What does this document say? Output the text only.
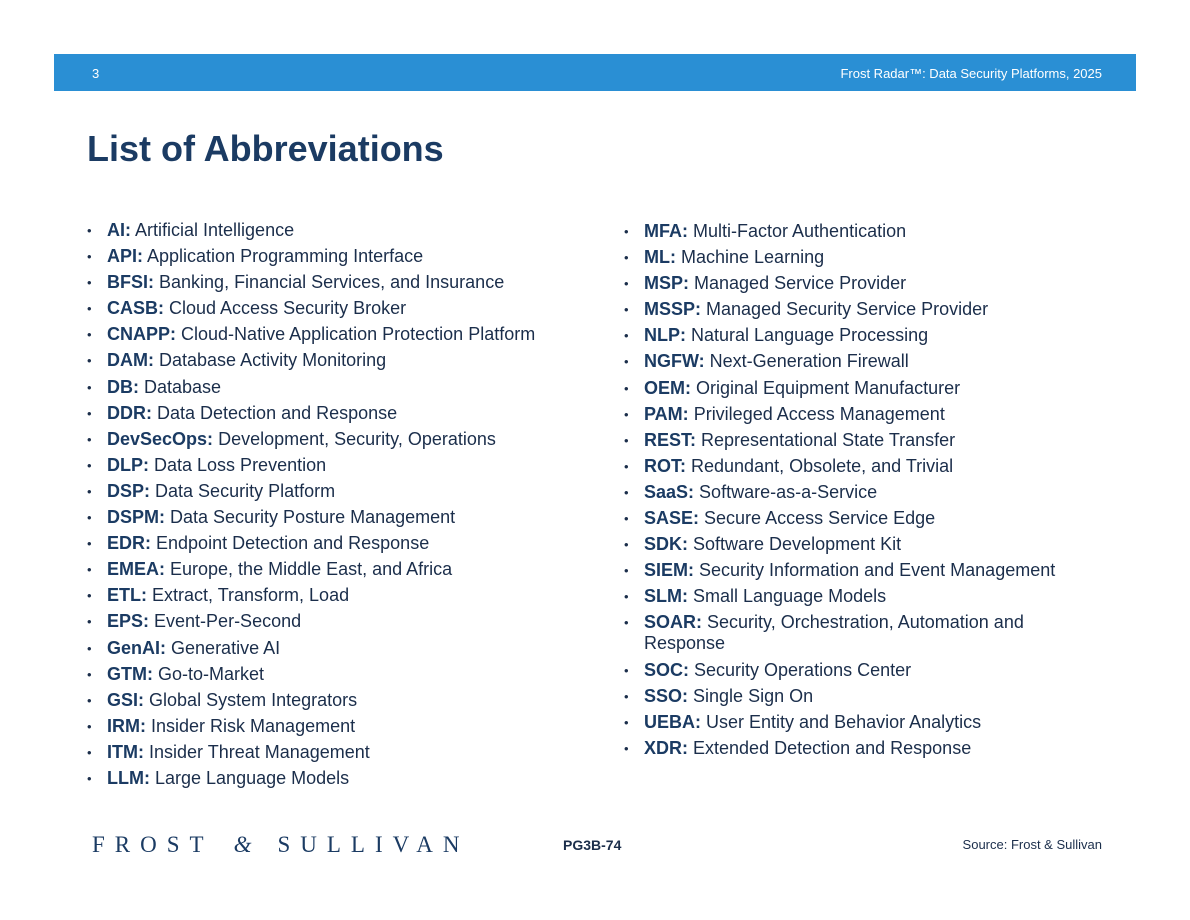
3	Frost Radar™: Data Security Platforms, 2025
List of Abbreviations
• AI: Artificial Intelligence
• API: Application Programming Interface
• BFSI: Banking, Financial Services, and Insurance
• CASB: Cloud Access Security Broker
• CNAPP: Cloud-Native Application Protection Platform
• DAM: Database Activity Monitoring
• DB: Database
• DDR: Data Detection and Response
• DevSecOps: Development, Security, Operations
• DLP: Data Loss Prevention
• DSP: Data Security Platform
• DSPM: Data Security Posture Management
• EDR: Endpoint Detection and Response
• EMEA: Europe, the Middle East, and Africa
• ETL: Extract, Transform, Load
• EPS: Event-Per-Second
• GenAI: Generative AI
• GTM: Go-to-Market
• GSI: Global System Integrators
• IRM: Insider Risk Management
• ITM: Insider Threat Management
• LLM: Large Language Models
• MFA: Multi-Factor Authentication
• ML: Machine Learning
• MSP: Managed Service Provider
• MSSP: Managed Security Service Provider
• NLP: Natural Language Processing
• NGFW: Next-Generation Firewall
• OEM: Original Equipment Manufacturer
• PAM: Privileged Access Management
• REST: Representational State Transfer
• ROT: Redundant, Obsolete, and Trivial
• SaaS: Software-as-a-Service
• SASE: Secure Access Service Edge
• SDK: Software Development Kit
• SIEM: Security Information and Event Management
• SLM: Small Language Models
• SOAR: Security, Orchestration, Automation and Response
• SOC: Security Operations Center
• SSO: Single Sign On
• UEBA: User Entity and Behavior Analytics
• XDR: Extended Detection and Response
FROST & SULLIVAN	PG3B-74	Source: Frost & Sullivan
